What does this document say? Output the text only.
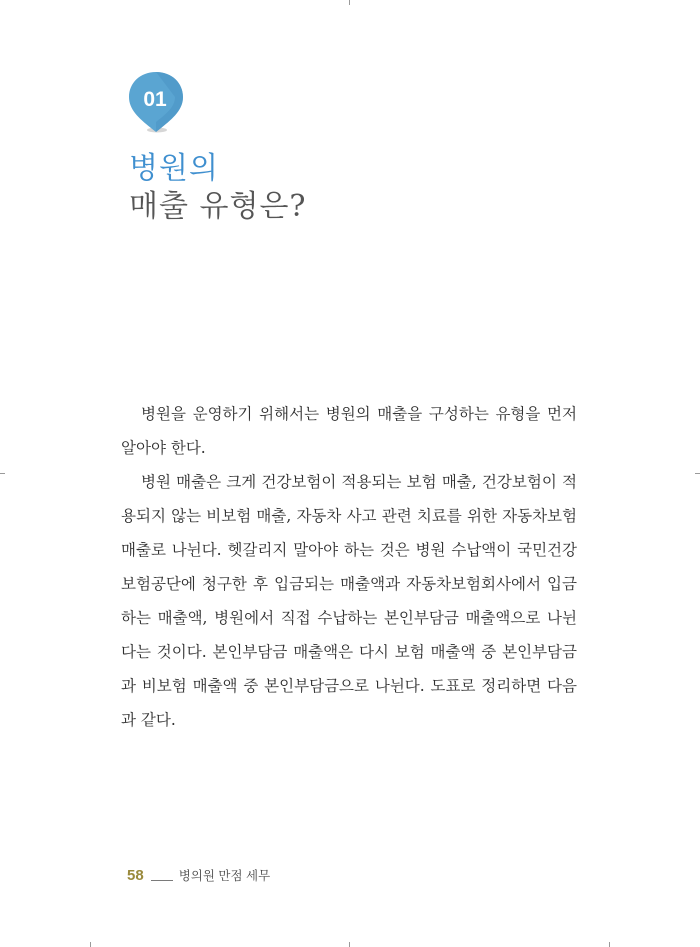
01
병원의
매출 유형은?

병원을 운영하기 위해서는 병원의 매출을 구성하는 유형을 먼저 알아야 한다.

병원 매출은 크게 건강보험이 적용되는 보험 매출, 건강보험이 적용되지 않는 비보험 매출, 자동차 사고 관련 치료를 위한 자동차보험 매출로 나뉜다. 헷갈리지 말아야 하는 것은 병원 수납액이 국민건강보험공단에 청구한 후 입금되는 매출액과 자동차보험회사에서 입금하는 매출액, 병원에서 직접 수납하는 본인부담금 매출액으로 나뉜다는 것이다. 본인부담금 매출액은 다시 보험 매출액 중 본인부담금과 비보험 매출액 중 본인부담금으로 나뉜다. 도표로 정리하면 다음과 같다.

58	병의원 만점 세무
